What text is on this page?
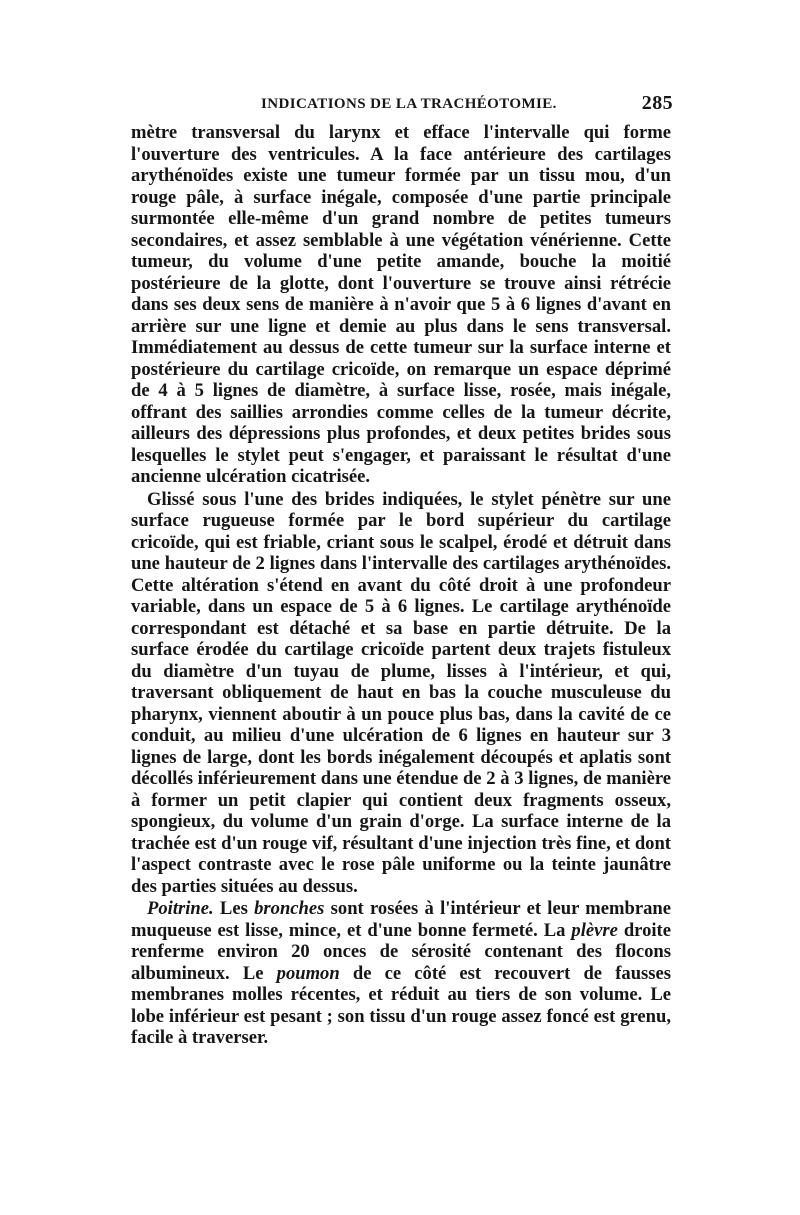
INDICATIONS DE LA TRACHÉOTOMIE.	285

mètre transversal du larynx et efface l'intervalle qui forme l'ouverture des ventricules. A la face antérieure des cartilages arythénoïdes existe une tumeur formée par un tissu mou, d'un rouge pâle, à surface inégale, composée d'une partie principale surmontée elle-même d'un grand nombre de petites tumeurs secondaires, et assez semblable à une végétation vénérienne. Cette tumeur, du volume d'une petite amande, bouche la moitié postérieure de la glotte, dont l'ouverture se trouve ainsi rétrécie dans ses deux sens de manière à n'avoir que 5 à 6 lignes d'avant en arrière sur une ligne et demie au plus dans le sens transversal. Immédiatement au dessus de cette tumeur sur la surface interne et postérieure du cartilage cricoïde, on remarque un espace déprimé de 4 à 5 lignes de diamètre, à surface lisse, rosée, mais inégale, offrant des saillies arrondies comme celles de la tumeur décrite, ailleurs des dépressions plus profondes, et deux petites brides sous lesquelles le stylet peut s'engager, et paraissant le résultat d'une ancienne ulcération cicatrisée.

Glissé sous l'une des brides indiquées, le stylet pénètre sur une surface rugueuse formée par le bord supérieur du cartilage cricoïde, qui est friable, criant sous le scalpel, érodé et détruit dans une hauteur de 2 lignes dans l'intervalle des cartilages arythénoïdes. Cette altération s'étend en avant du côté droit à une profondeur variable, dans un espace de 5 à 6 lignes. Le cartilage arythénoïde correspondant est détaché et sa base en partie détruite. De la surface érodée du cartilage cricoïde partent deux trajets fistuleux du diamètre d'un tuyau de plume, lisses à l'intérieur, et qui, traversant obliquement de haut en bas la couche musculeuse du pharynx, viennent aboutir à un pouce plus bas, dans la cavité de ce conduit, au milieu d'une ulcération de 6 lignes en hauteur sur 3 lignes de large, dont les bords inégalement découpés et aplatis sont décollés inférieurement dans une étendue de 2 à 3 lignes, de manière à former un petit clapier qui contient deux fragments osseux, spongieux, du volume d'un grain d'orge. La surface interne de la trachée est d'un rouge vif, résultant d'une injection très fine, et dont l'aspect contraste avec le rose pâle uniforme ou la teinte jaunâtre des parties situées au dessus.

Poitrine. Les bronches sont rosées à l'intérieur et leur membrane muqueuse est lisse, mince, et d'une bonne fermeté. La plèvre droite renferme environ 20 onces de sérosité contenant des flocons albumineux. Le poumon de ce côté est recouvert de fausses membranes molles récentes, et réduit au tiers de son volume. Le lobe inférieur est pesant ; son tissu d'un rouge assez foncé est grenu, facile à traverser.
